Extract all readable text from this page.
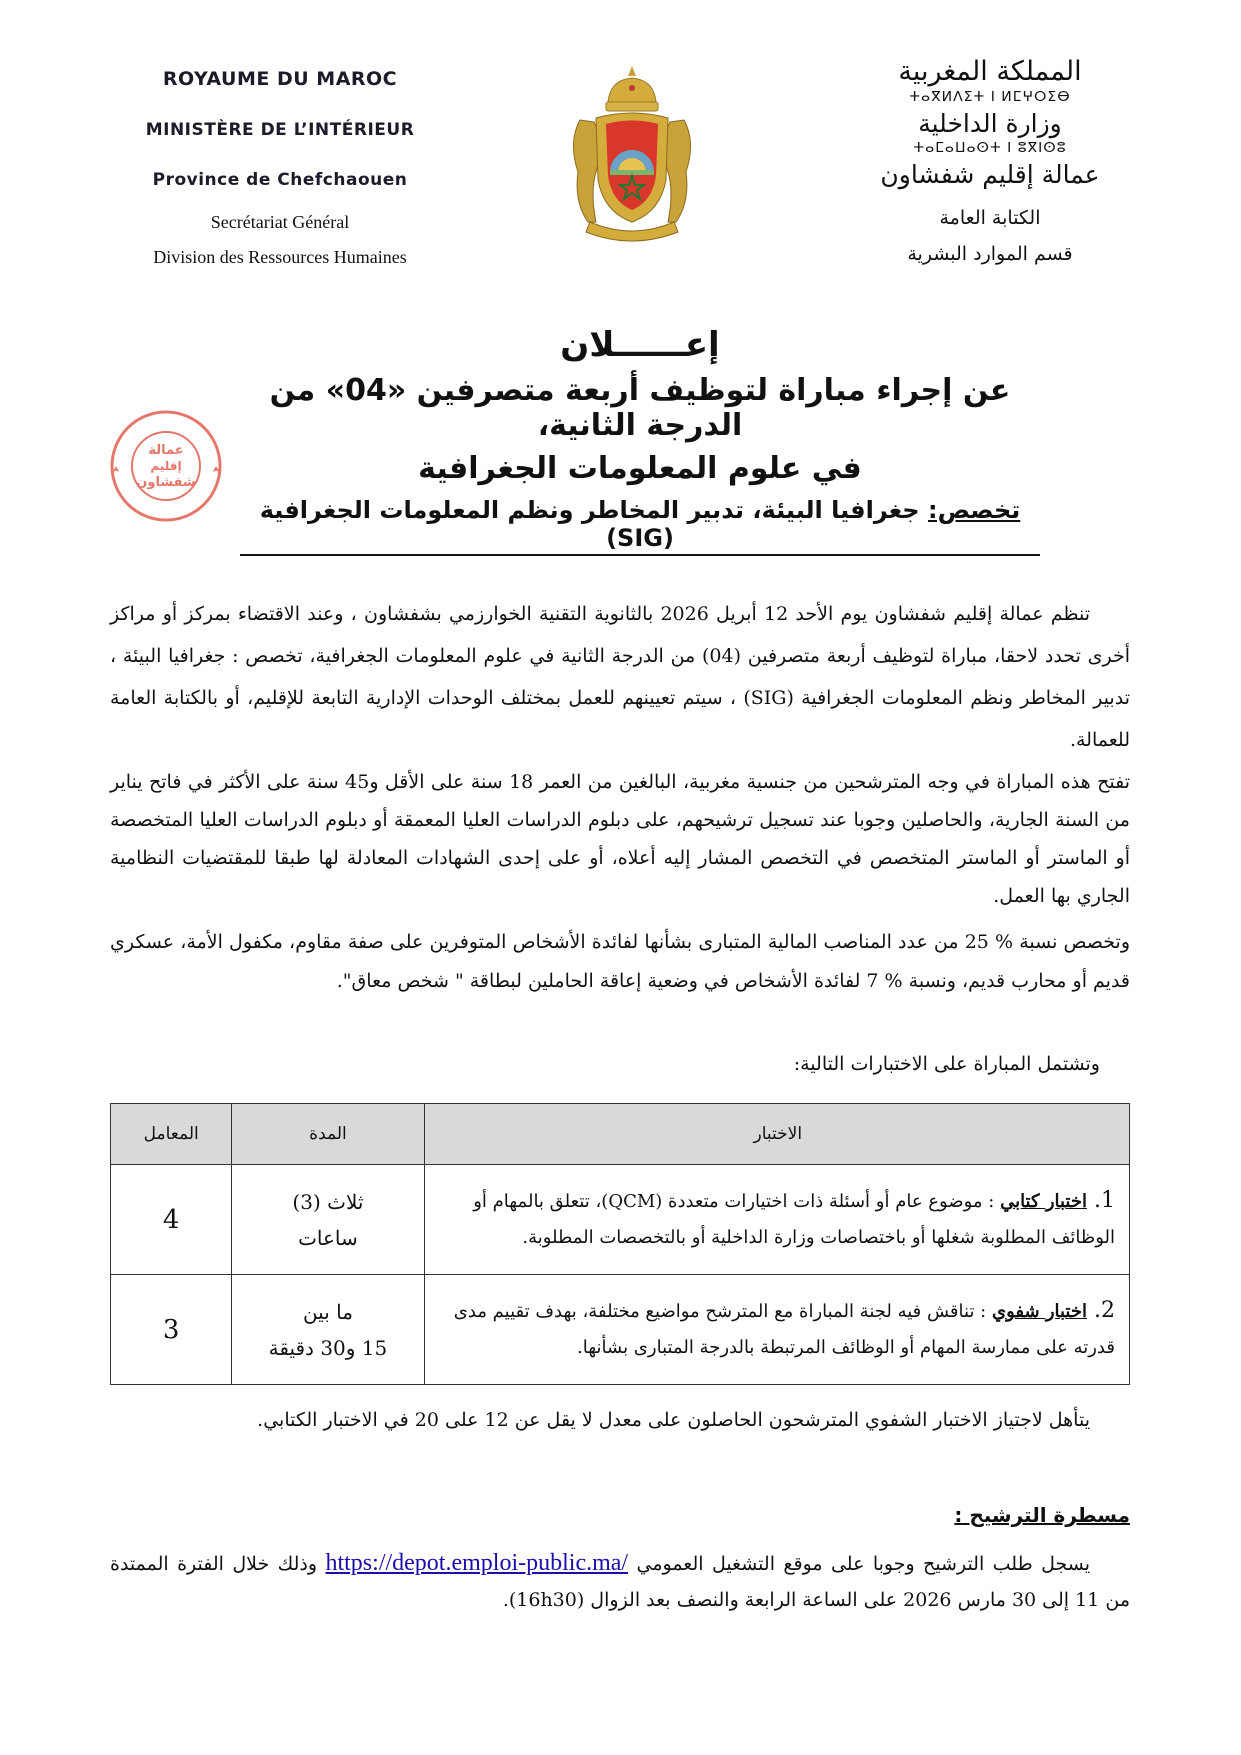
ROYAUME DU MAROC
MINISTÈRE DE L’INTÉRIEUR
Province de Chefchaouen
Secrétariat Général
Division des Ressources Humaines
المملكة المغربية
ⵜⴰⴳⵍⴷⵉⵜ ⵏ ⵍⵎⵖⵔⵉⴱ
وزارة الداخلية
ⵜⴰⵎⴰⵡⴰⵙⵜ ⵏ ⵓⴳⵏⵙⵓ
عمالة إقليم شفشاون
الكتابة العامة
قسم الموارد البشرية
عمالة
إقليم
شفشاون
إعــــــلان
عن إجراء مباراة لتوظيف أربعة متصرفين «04» من الدرجة الثانية،
في علوم المعلومات الجغرافية
تخصص: جغرافيا البيئة، تدبير المخاطر ونظم المعلومات الجغرافية (SIG)
تنظم عمالة إقليم شفشاون يوم الأحد 12 أبريل 2026 بالثانوية التقنية الخوارزمي بشفشاون ، وعند الاقتضاء بمركز أو مراكز أخرى تحدد لاحقا، مباراة لتوظيف أربعة متصرفين (04) من الدرجة الثانية في علوم المعلومات الجغرافية، تخصص : جغرافيا البيئة ، تدبير المخاطر ونظم المعلومات الجغرافية (SIG) ، سيتم تعيينهم للعمل بمختلف الوحدات الإدارية التابعة للإقليم، أو بالكتابة العامة للعمالة.
تفتح هذه المباراة في وجه المترشحين من جنسية مغربية، البالغين من العمر 18 سنة على الأقل و45 سنة على الأكثر في فاتح يناير من السنة الجارية، والحاصلين وجوبا عند تسجيل ترشيحهم، على دبلوم الدراسات العليا المعمقة أو دبلوم الدراسات العليا المتخصصة أو الماستر أو الماستر المتخصص في التخصص المشار إليه أعلاه، أو على إحدى الشهادات المعادلة لها طبقا للمقتضيات النظامية الجاري بها العمل.
وتخصص نسبة % 25 من عدد المناصب المالية المتبارى بشأنها لفائدة الأشخاص المتوفرين على صفة مقاوم، مكفول الأمة، عسكري قديم أو محارب قديم، ونسبة % 7 لفائدة الأشخاص في وضعية إعاقة الحاملين لبطاقة " شخص معاق".
وتشتمل المباراة على الاختبارات التالية:
الاختبار	المدة	المعامل
1.اختبار كتابي : موضوع عام أو أسئلة ذات اختيارات متعددة (QCM)، تتعلق بالمهام أو الوظائف المطلوبة شغلها أو باختصاصات وزارة الداخلية أو بالتخصصات المطلوبة.	ثلاث (3)
ساعات	4
2.اختبار شفوي : تناقش فيه لجنة المباراة مع المترشح مواضيع مختلفة، بهدف تقييم مدى قدرته على ممارسة المهام أو الوظائف المرتبطة بالدرجة المتبارى بشأنها.	ما بين
15 و30 دقيقة	3
يتأهل لاجتياز الاختبار الشفوي المترشحون الحاصلون على معدل لا يقل عن 12 على 20 في الاختبار الكتابي.
مسطرة الترشيح :
يسجل طلب الترشيح وجوبا على موقع التشغيل العمومي https://depot.emploi-public.ma/ وذلك خلال الفترة الممتدة من 11 إلى 30 مارس 2026 على الساعة الرابعة والنصف بعد الزوال (16h30).
